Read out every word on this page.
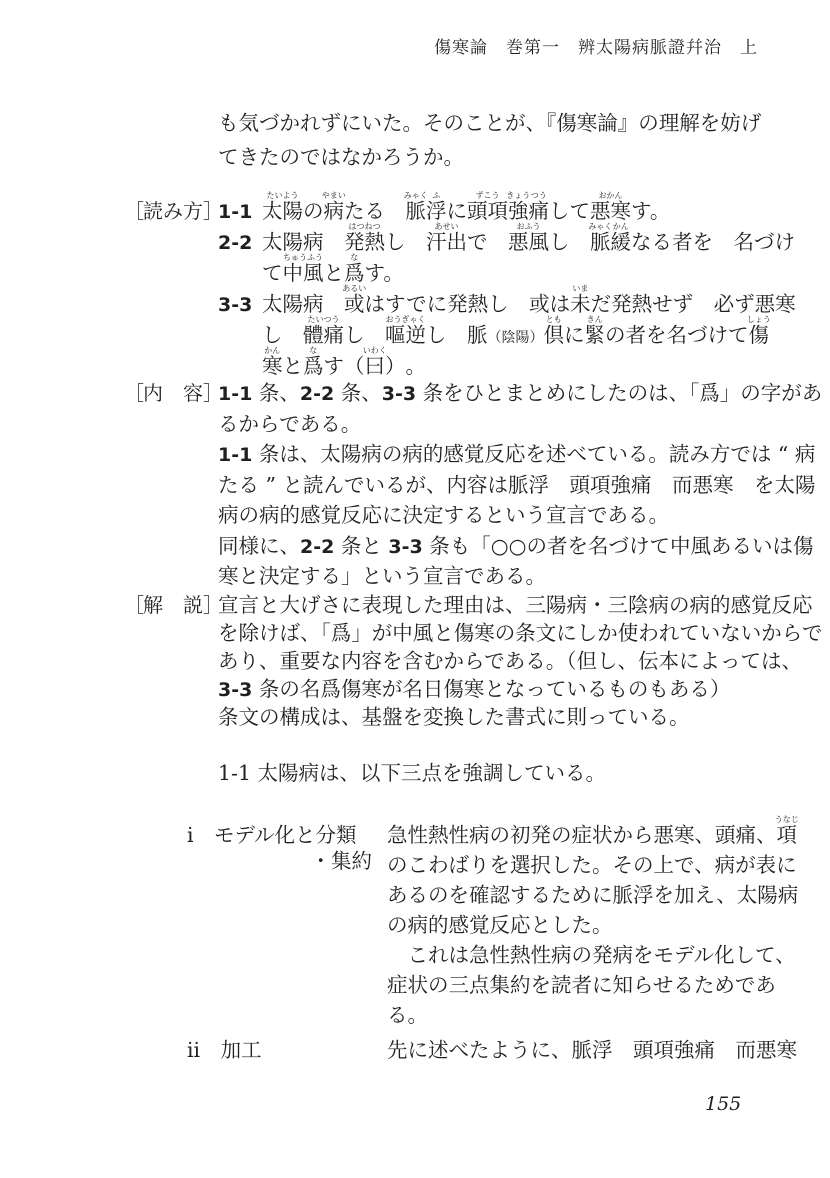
傷寒論　巻第一　辨太陽病脈證幷治　上
も気づかれずにいた。そのことが、『傷寒論』の理解を妨げ
てきたのではなかろうか。
［読み方］
1-1 太陽
たいよう
の病
やまい
たる　脈
みゃく
浮
ふ
に頭項
ずこう
強
きょう
痛
つう
して悪寒
おかん
す。
2-2 太陽病　発熱
はつねつ
し　汗出
あせい
で　悪風
おふう
し　脈
みゃく
緩
かん
なる者を　名づけ
て中風
ちゅうふう
と爲
な
す。
3-3 太陽病　或
あるい
はすでに発熱し　或は未
いま
だ発熱せず　必ず悪寒
し　體痛
たいつう
し　嘔逆
おうぎゃく
し　脈（陰陽）倶
とも
に緊
きん
の者を名づけて傷
しょう
寒
かん
と爲
な
す（曰）
いわく
。
［内　容］
1-1 条、2-2 条、3-3 条をひとまとめにしたのは、「爲」の字があ
るからである。
1-1 条は、太陽病の病的感覚反応を述べている。読み方では “ 病
たる ” と読んでいるが、内容は脈浮　頭項強痛　而悪寒　を太陽
病の病的感覚反応に決定するという宣言である。
同様に、2-2 条と 3-3 条も「○○の者を名づけて中風あるいは傷
寒と決定する」という宣言である。
［解　説］
宣言と大げさに表現した理由は、三陽病・三陰病の病的感覚反応
を除けば、「爲」が中風と傷寒の条文にしか使われていないからで
あり、重要な内容を含むからである。（但し、伝本によっては、
3-3 条の名爲傷寒が名日傷寒となっているものもある）
条文の構成は、基盤を変換した書式に則っている。
1-1 太陽病は、以下三点を強調している。
i　モデル化と分類
・集約
急性熱性病の初発の症状から悪寒、頭痛、項
うなじ
のこわばりを選択した。その上で、病が表に
あるのを確認するために脈浮を加え、太陽病
の病的感覚反応とした。
　これは急性熱性病の発病をモデル化して、
症状の三点集約を読者に知らせるためであ
る。
ii　加工	先に述べたように、脈浮　頭項強痛　而悪寒
155
